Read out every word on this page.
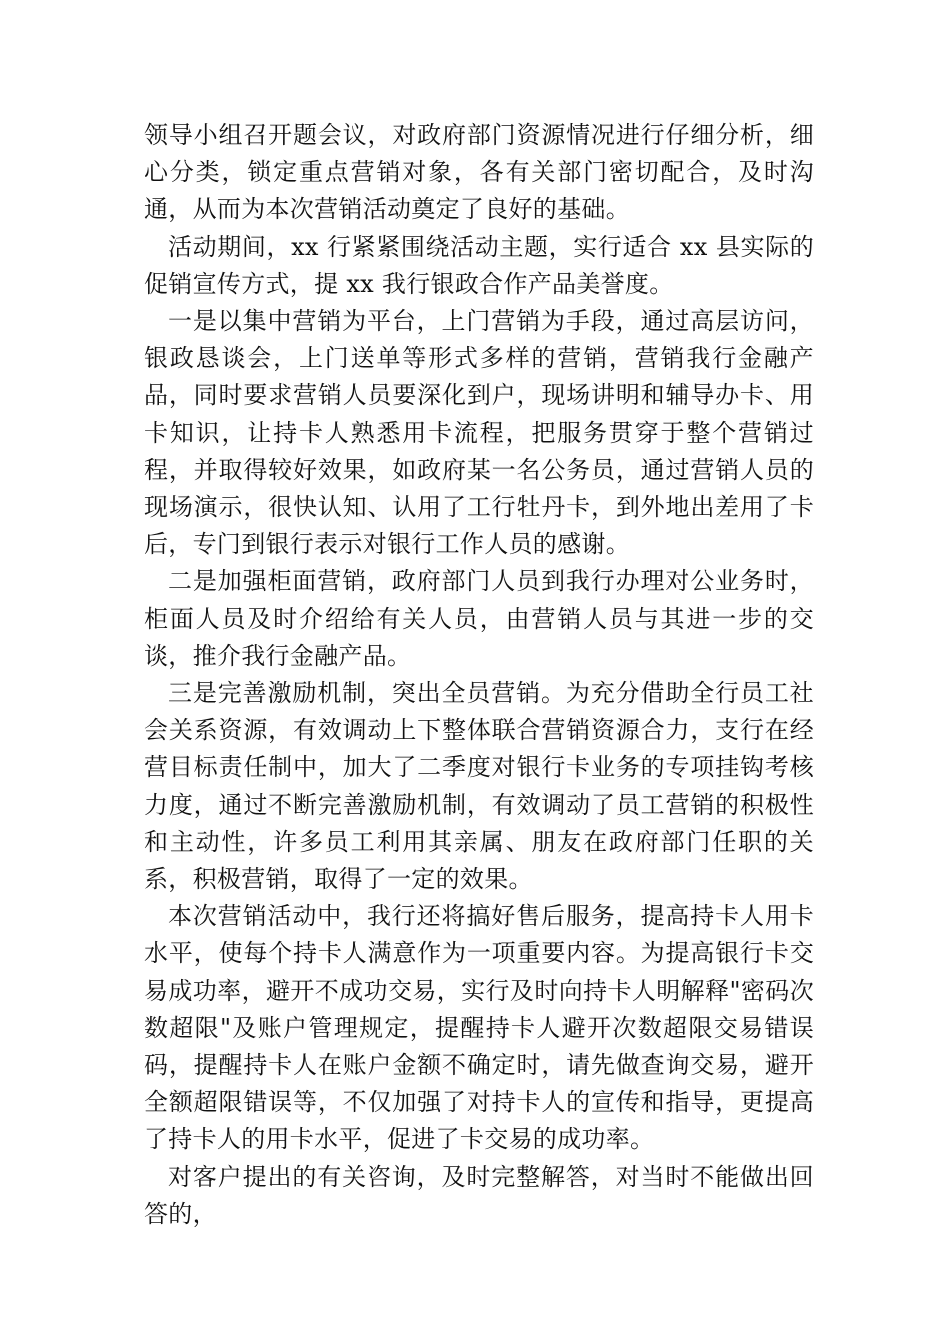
领导小组召开题会议，对政府部门资源情况进行仔细分析，细心分类，锁定重点营销对象，各有关部门密切配合，及时沟通，从而为本次营销活动奠定了良好的基础。

活动期间，xx 行紧紧围绕活动主题，实行适合 xx 县实际的促销宣传方式，提 xx 我行银政合作产品美誉度。

一是以集中营销为平台，上门营销为手段，通过高层访问，银政恳谈会，上门送单等形式多样的营销，营销我行金融产品，同时要求营销人员要深化到户，现场讲明和辅导办卡、用卡知识，让持卡人熟悉用卡流程，把服务贯穿于整个营销过程，并取得较好效果，如政府某一名公务员，通过营销人员的现场演示，很快认知、认用了工行牡丹卡，到外地出差用了卡后，专门到银行表示对银行工作人员的感谢。

二是加强柜面营销，政府部门人员到我行办理对公业务时，柜面人员及时介绍给有关人员，由营销人员与其进一步的交谈，推介我行金融产品。

三是完善激励机制，突出全员营销。为充分借助全行员工社会关系资源，有效调动上下整体联合营销资源合力，支行在经营目标责任制中，加大了二季度对银行卡业务的专项挂钩考核力度，通过不断完善激励机制，有效调动了员工营销的积极性和主动性，许多员工利用其亲属、朋友在政府部门任职的关系，积极营销，取得了一定的效果。

本次营销活动中，我行还将搞好售后服务，提高持卡人用卡水平，使每个持卡人满意作为一项重要内容。为提高银行卡交易成功率，避开不成功交易，实行及时向持卡人明解释"密码次数超限"及账户管理规定，提醒持卡人避开次数超限交易错误码，提醒持卡人在账户金额不确定时，请先做查询交易，避开全额超限错误等，不仅加强了对持卡人的宣传和指导，更提高了持卡人的用卡水平，促进了卡交易的成功率。

对客户提出的有关咨询，及时完整解答，对当时不能做出回答的，
